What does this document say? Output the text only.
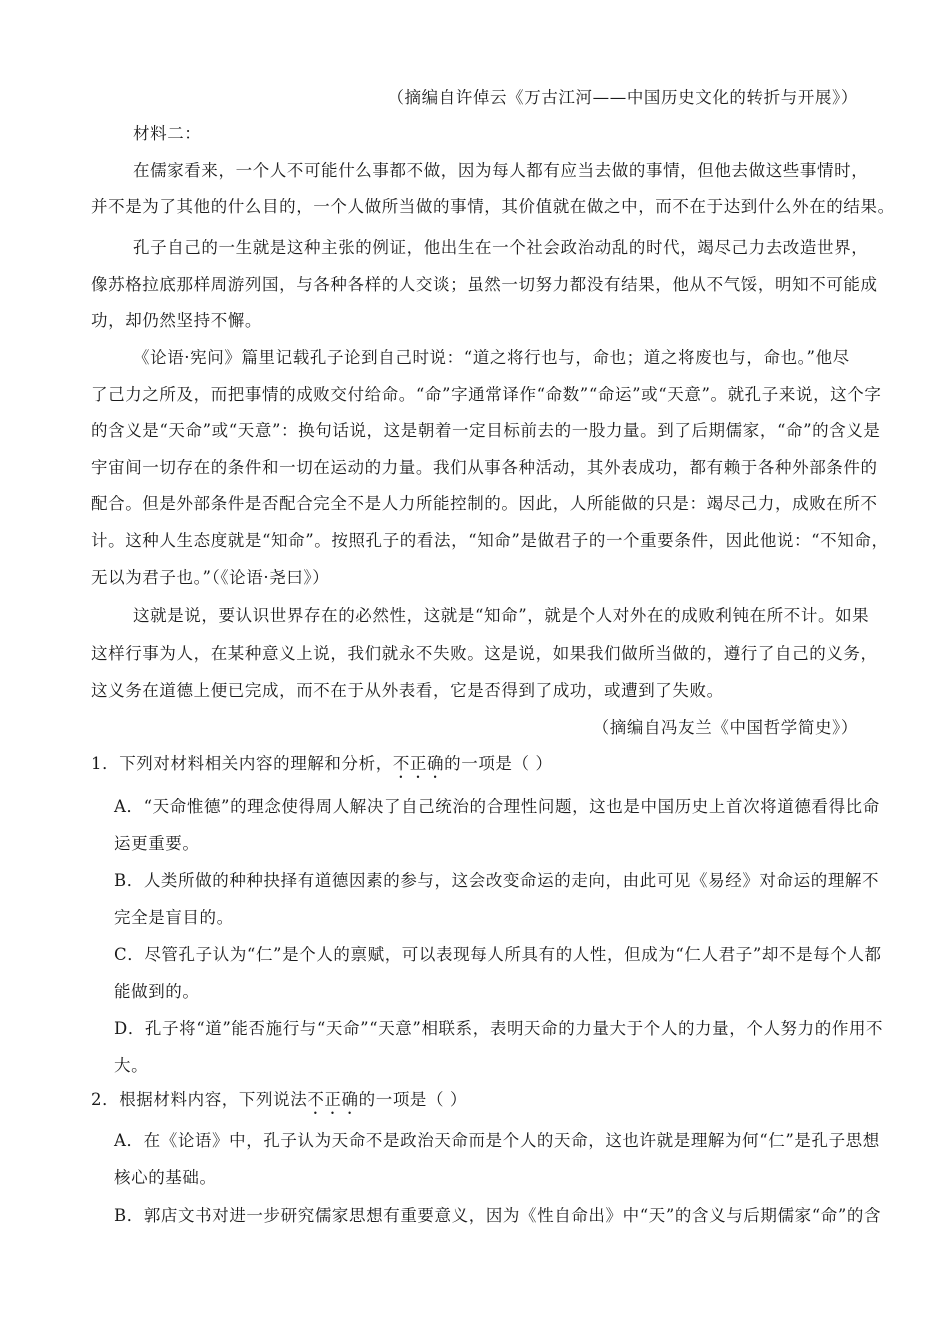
（摘编自许倬云《万古江河——中国历史文化的转折与开展》）
材料二：
在儒家看来，一个人不可能什么事都不做，因为每人都有应当去做的事情，但他去做这些事情时，
并不是为了其他的什么目的，一个人做所当做的事情，其价值就在做之中，而不在于达到什么外在的结果。
孔子自己的一生就是这种主张的例证，他出生在一个社会政治动乱的时代，竭尽己力去改造世界，
像苏格拉底那样周游列国，与各种各样的人交谈；虽然一切努力都没有结果，他从不气馁，明知不可能成
功，却仍然坚持不懈。
《论语·宪问》篇里记载孔子论到自己时说：“道之将行也与，命也；道之将废也与，命也。”他尽
了己力之所及，而把事情的成败交付给命。“命”字通常译作“命数”“命运”或“天意”。就孔子来说，这个字
的含义是“天命”或“天意”：换句话说，这是朝着一定目标前去的一股力量。到了后期儒家，“命”的含义是
宇宙间一切存在的条件和一切在运动的力量。我们从事各种活动，其外表成功，都有赖于各种外部条件的
配合。但是外部条件是否配合完全不是人力所能控制的。因此，人所能做的只是：竭尽己力，成败在所不
计。这种人生态度就是“知命”。按照孔子的看法，“知命”是做君子的一个重要条件，因此他说：“不知命，
无以为君子也。”（《论语·尧曰》）
这就是说，要认识世界存在的必然性，这就是“知命”，就是个人对外在的成败利钝在所不计。如果
这样行事为人，在某种意义上说，我们就永不失败。这是说，如果我们做所当做的，遵行了自己的义务，
这义务在道德上便已完成，而不在于从外表看，它是否得到了成功，或遭到了失败。
（摘编自冯友兰《中国哲学简史》）
1．下列对材料相关内容的理解和分析，不正确的一项是（ ）
A．“天命惟德”的理念使得周人解决了自己统治的合理性问题，这也是中国历史上首次将道德看得比命
运更重要。
B．人类所做的种种抉择有道德因素的参与，这会改变命运的走向，由此可见《易经》对命运的理解不
完全是盲目的。
C．尽管孔子认为“仁”是个人的禀赋，可以表现每人所具有的人性，但成为“仁人君子”却不是每个人都
能做到的。
D．孔子将“道”能否施行与“天命”“天意”相联系，表明天命的力量大于个人的力量，个人努力的作用不
大。
2．根据材料内容，下列说法不正确的一项是（ ）
A．在《论语》中，孔子认为天命不是政治天命而是个人的天命，这也许就是理解为何“仁”是孔子思想
核心的基础。
B．郭店文书对进一步研究儒家思想有重要意义，因为《性自命出》中“天”的含义与后期儒家“命”的含
